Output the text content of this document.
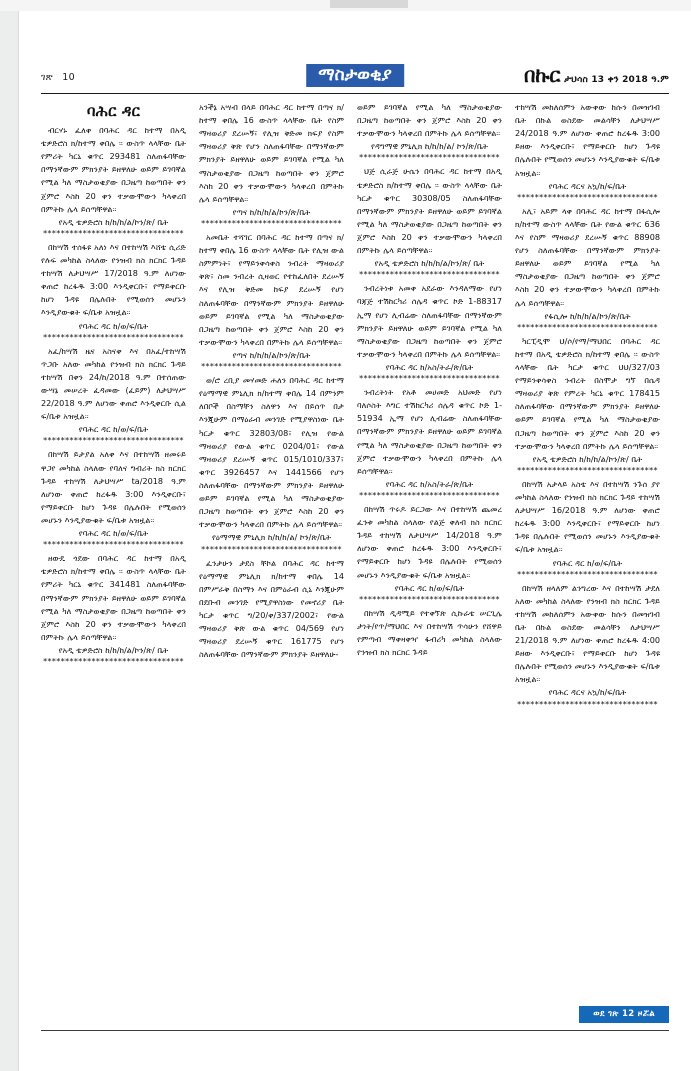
ገጽ 10	ማስታወቂያ	በኩር ታህሳስ 13 ቀን 2018 ዓ.ም
ባሕር ዳር

ብርሃኑ ፈለቀ በባሕር ዳር ከተማ በአዲ ቴዎድሮስ ክ/ከተማ ቀበሌ ፡፡ ውስጥ ላላቸው ቤት የምሪት ካርኒ ቁጥር 293481 ስለጠፋባቸው በማንኛውም ምክንያት ይዘዋለሁ ወይም ይገባኛል የሚል ካለ ማስታወቂያው በጋዜጣ ከወጣበት ቀን ጀምሮ እስከ 20 ቀን ተቃውሞውን ካላቀረበ በምትኩ ሌላ ይሰጣቸዋል።

የአዲ ቴዎድሮስ ከ/ከ/ከ/ል/ኮን/ጽ/ ቤት
********************************

በከሣሽ ተሰፋዩ አለነ እና በተከሣሽ እሸቴ ሲሪድ የሉፍ መካከል ስላለው የንዝብ ክስ ክርክር ጉዳይ ተከሣሽ ለታህሣሥ 17/2018 ዓ.ም ለሆነው ቀጠሮ ከረፋዱ 3:00 እንዲቀርቡ፣ የማይቀርቡ ከሆነ ጉዳዩ በሌሉበት የሚወሰን መሆኑን እንዲያውቁት ፍ/ቤቱ አዝዟል።

የባሕር ዳር ከ/ወ/ፍ/ቤት
********************************

አፈ/ከሣሽ ዜና አስናቀ እና በአፈ/ተከሣሽ ጥጋቡ አለው መካከል የንዝብ ክስ ክርክር ጉዳይ ተከሣሽ በቀን 24/ከ/2018 ዓ.ም በተሰጠው ውሣኔ መሠረት ፈዳመው (ፈይም) ለታህሣሥ 22/2018 ዓ.ም ለሆነው ቀጠሮ እንዲቀርቡ ሲል ፍ/ቤቱ አዝዟል።

የባሕር ዳር ከ/ወ/ፍ/ቤት
********************************

በከሣሽ ይታያል አለቀ እና በተከሣሽ ዘመሩይ ዋጋየ መካከል ስላለው የባለና ግብሪት ክስ ክርክር ጉዳይ ተከሣሽ ለታህሣሥ ta/2018 ዓ.ም ለሆነው ቀጠሮ ከረፋዱ 3:00 እንዲቀርቡ፣ የማይቀርቡ ከሆነ ጉዳዩ በሌሉበት የሚወሰን መሆኑን እንዲያውቁት ፍ/ቤቱ አዝዟል።

የባሕር ዳር ከ/ወ/ፍ/ቤት
********************************

ዘውዴ ጎደው በባሕር ዳር ከተማ በአዲ ቴዎድሮስ ክ/ከተማ ቀበሌ ፡፡ ውስጥ ላላቸው ቤት የምሪት ካርኒ ቁጥር 341481 ስለጠፋባቸው በማንኛውም ምክንያት ይዘዋለሁ ወይም ይገባኛል የሚል ካለ ማስታወቂያው በጋዜጣ ከወጣበት ቀን ጀምሮ እስከ 20 ቀን ተቃውሞውን ካላቀረበ በምትኩ ሌላ ይሰጣቸዋል።

የአዲ ቴዎድሮስ ከ/ከ/ከ/ል/ኮን/ጽ/ ቤት
********************************

አንችኔ አሣብ በላይ በባሕር ዳር ከተማ በጣና ክ/ከተማ ቀበሌ 16 ውስጥ ላላቸው ቤት የስም ማዛወሪያ ደረሡኝ፣ የሊዝ ቅድመ ክፍያ የስም ማዛወሪያ ቅጽ የሆን ስለጠፋባቸው በማንኛውም ምክንያት ይዘዋለሁ ወይም ይገባኛል የሚል ካለ ማስታወቂያው በጋዜጣ ከወጣበት ቀን ጀምሮ እስከ 20 ቀን ተቃውሞውን ካላቀረበ በምትኩ ሌላ ይሰጣቸዋል።

የጣና ከ/ከ/ከ/ል/ኮን/ጽ/ቤት
********************************

አመቤት ተሻገር በባሕር ዳር ከተማ በጣና ክ/ከተማ ቀበሌ 16 ውስጥ ላላቸው ቤት የሊዝ ውል ስምምነት፣ የማይንቀሳቀስ ንብረት ማዛወሪያ ቅጽ፣ ስመ ንብረት ሲዛወር የተከፈለበት ደረሡኝ እና የሊዝ ቅድመ ከፍያ ደረሡኝ የሆነ ስለጠፋባቸው በማንኛውም ምክንያት ይዘዋለሁ ወይም ይገባኛል የሚል ካለ ማስታወቂያው በጋዜጣ ከወጣበት ቀን ጀምሮ እስከ 20 ቀን ተቃውሞውን ካላቀረበ በምትኩ ሌላ ይሰጣቸዋል።

የጣና ከ/ከ/ከ/ል/ኮን/ጽ/ቤት
********************************

ወ/ሮ ረቢያ መሃመድ ሐለን በባሕር ዳር ከተማ የዕማማዊ ምኒሊክ ክ/ከተማ ቀበሌ 14 በምንም ለበቦች በስማቸን ስለዋን እና በይሰጥ በታ እንጂሁም በማዕራብ መንገድ የሚያዋስነው ቤት ካርታ ቁጥር 32803/08፣ የሊዝ የውል ማዛወሪያ የውል ቁጥር 0204/01፣ የውል ማዛወሪያ ደረሡኝ ቁጥር 015/1010/337፣ ቁጥር 3926457 እና 1441566 የሆን ስለጠፋባቸው በማንኛውም ምክንያት ይዘዋለሁ ወይም ይገባኛል የሚል ካለ ማስታወቂያው በጋዜጣ ከወጣበት ቀን ጀምሮ እስከ 20 ቀን ተቃውሞውን ካላቀረበ በምትኩ ሌላ ይሰጣቸዋል።

የዕማማዊ ምኒሊክ ከ/ከ/ከ/ል/ ኮን/ጽ/ቤት
********************************

ፈንታሁን ታደስ ቸኮል በባሕር ዳር ከተማ የዕማማዊ ምኒሊክ ክ/ከተማ ቀበሌ 14 በምሥራቅ በስማን እና በምዕራብ ሲኒ እንጂሁም በደቡብ መንገድ የሚያዋስነው የመኖሪያ ቤት ካርታ ቁጥር ግ/20/ቀ/337/2002፣ የውል ማዛወሪያ ቅጽ ውል ቁጥር 04/569 የሆነ ማዛወሪያ ደረሡኝ ቁጥር 161775 የሆን ስለጠፋባቸው በማንኛውም ምክንያት ይዘዋለሁ-

ወይም ይገባኛል የሚል ካለ ማስታወቂያው በጋዜጣ ከወጣበት ቀን ጀምሮ እስከ 20 ቀን ተቃውሞውን ካላቀረበ በምትኩ ሌላ ይሰጣቸዋል።

የዳግማዊ ምኒሊክ ከ/ከ/ከ/ል/ ኮን/ጽ/ቤት
********************************

ህጅ ሲራጅ ሁሴን በባሕር ዳር ከተማ በአዲ ቴዎድሮስ ክ/ከተማ ቀበሌ ፡፡ ውስጥ ላላቸው ቤት ካርታ ቁጥር 30308/05 ስለጠፋባቸው በማንኛውም ምክንያት ይዘዋለሁ ወይም ይገባኛል የሚል ካለ ማስታወቂያው በጋዜጣ ከወጣበት ቀን ጀምሮ እስከ 20 ቀን ተቃውሞውን ካላቀረበ በምትኩ ሌላ ይሰጣቸዋል።

የአዲ ቴዎድሮስ ከ/ከ/ከ/ል/ኮን/ጽ/ ቤት
********************************

ንብረትነቱ አመቀ አደራው እንዳለማው የሆነ ባጃጅ ተሽከርካሪ ሰሌዳ ቁጥር ኮድ 1-88317 ኢማ የሆነ ሊብሬው ስለጠፋባቸው በማንኛውም ምክንያት ይዘዋለሁ ወይም ይገባኛል የሚል ካለ ማስታወቂያው በጋዜጣ ከወጣበት ቀን ጀምሮ ተቃውሞውን ካላቀረበ በምትኩ ሌላ ይሰጣቸዋል።

የባሕር ዳር ከ/አስ/ትራ/ጽ/ቤት
********************************

ንብረትነት የአቶ መሀመድ አህመድ የሆነ ባለሶስት እግር ተሽከርካሪ ሰሌዳ ቁጥር ኮድ 1-51934 ኢማ የሆነ ሊብሬው ስለጠፋባቸው በማንኛውም ምክንያት ይዘዋለሁ ወይም ይገባኛል የሚል ካለ ማስታወቂያው በጋዜጣ ከወጣበት ቀን ጀምሮ ተቃውሞውን ካላቀረበ በምትኩ ሌላ ይሰጣቸዋል።

የባሕር ዳር ከ/አስ/ትራ/ጽ/ቤት
********************************

በከሣሽ ጥሩዶ ይርጋው እና በተከሣሽ ጨመረ ፈንቱ መካከል ስላለው የልጅ ቀለብ ክስ ክርክር ጉዳይ ተከሣሽ ለታህሣሥ 14/2018 ዓ.ም ለሆነው ቀጠሮ ከረፋዱ 3:00 እንዲቀርቡ፣ የማይቀርቡ ከሆነ ጉዳዩ በሌሉበት የሚወሰን መሆኑን እንዲያውቁት ፍ/ቤቱ አዝዟል።

የባሕር ዳር ከ/ወ/ፍ/ቤት
********************************

በከሣሽ ዲዳሚይ የተቀኘጽ ሲኩራቴ ሠርጊሌ ታነት/የጥ/ማህበር እና በተከሣሽ ጥሳሁን የሸዋይ የምጣብ ማቀዛቀዣ ፋብሪካ መካከል ስላለው የንዝብ ክስ ክርክር ጉዳይ

ተከሣሽ መከለሰምን አውቀው ከሱን በመዝገብ ቤት በኩል ወስደው መልሳቸን ለታህሣሥ 24/2018 ዓ.ም ለሆነው ቀጠሮ ከረፋዱ 3:00 ይዘው እንዲቀርቡ፣ የማይቀርቡ ከሆነ ጉዳዩ በሌሉበት የሚወሰን መሆኑን እንዲያውቁት ፍ/ቤቱ አዝዟል።

የባሕር ዳርና አኳ/ከ/ፍ/ቤት
********************************

አሊ፣ አይም ላቀ በባሕር ዳር ከተማ በፋሲሎ ክ/ከተማ ውስጥ ላላቸው ቤት የውል ቁጥር 636 እና የስም ማዛወሪያ ደረሡኝ ቁጥር 88908 የሆን ስለጠፋባቸው በማንኛውም ምክንያት ይዘዋለሁ ወይም ይገባኛል የሚል ካለ ማስታወቂያው በጋዜጣ ከወጣበት ቀን ጀምሮ እስከ 20 ቀን ተቃውሞውን ካላቀረበ በምትኩ ሌላ ይሰጣቸዋል።

የፋሲሎ ከ/ከ/ከ/ል/ኮን/ጽ/ቤት
********************************

ካርፒዲሞ ህ/ሶ/የማ/ማህበር በባሕር ዳር ከተማ በአዲ ቴዎድሮስ ክ/ከተማ ቀበሌ ፡፡ ውስጥ ላላቸው ቤት ካርታ ቁጥር ህህ/327/03 የማይንቀሳቀስ ንብረት በስሞታ ግኘ በሴዳ ማዛወሪያ ቅጽ የምረት ካርኒ ቁጥር 178415 ስለጠፋባቸው በማንኛውም ምክንያት ይዘዋለሁ ወይም ይገባኛል የሚል ካለ ማስታወቂያው በጋዜጣ ከወጣበት ቀን ጀምሮ እስከ 20 ቀን ተቃውሞውን ካላቀረበ በምትኩ ሌላ ይሰጣቸዋል።

የአዲ ቴዎድሮስ ከ/ከ/ከ/ል/ኮን/ጽ/ ቤት
********************************

በከሣሽ አታላይ አስቴ እና በተከሣሽ ንጉሰ ያየ መካከል ስላለው የንዝብ ክስ ክርክር ጉዳይ ተከሣሽ ለታህሣሥ 16/2018 ዓ.ም ለሆነው ቀጠሮ ከረፋዱ 3:00 እንዲቀርቡ፣ የማይቀርቡ ከሆነ ጉዳዩ በሌሉበት የሚወሰን መሆኑን እንዲያውቁት ፍ/ቤቱ አዝዟል።

የባሕር ዳር ከ/ወ/ፍ/ቤት
********************************

በከሣሽ ዘላለም ልንግረው እና በተከሣሽ ታደለ አለው መካከል ስላለው የንዝብ ክስ ክርክር ጉዳይ ተከሣሽ መከለሰምን አውቀው ከሱን በመዝገብ ቤት በኩል ወስደው መልሳቸን ለታህሣሥ 21/2018 ዓ.ም ለሆነው ቀጠሮ ከረፋዱ 4:00 ይዘው እንዲቀርቡ፣ የማይቀርቡ ከሆነ ጉዳዩ በሌሉበት የሚወሰን መሆኑን እንዲያውቁት ፍ/ቤቱ አዝዟል።

የባሕር ዳርና አኳ/ከ/ፍ/ቤት
********************************
ወደ ገጽ 12 ዞሯል
